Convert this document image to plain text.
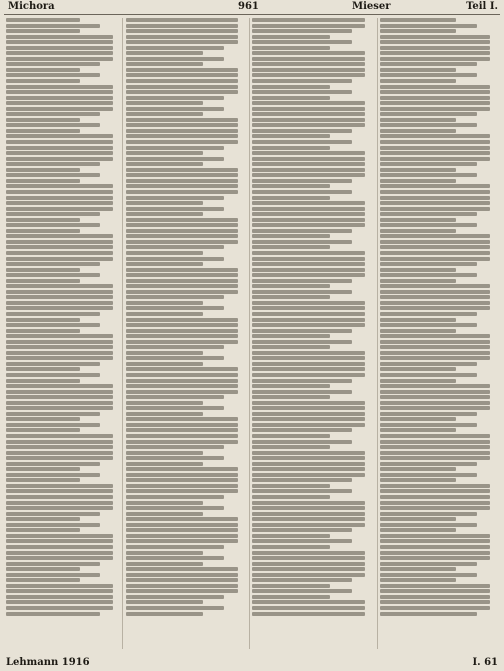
Michora	961	Mieser	Teil I.
Lehmann 1916	I. 61
